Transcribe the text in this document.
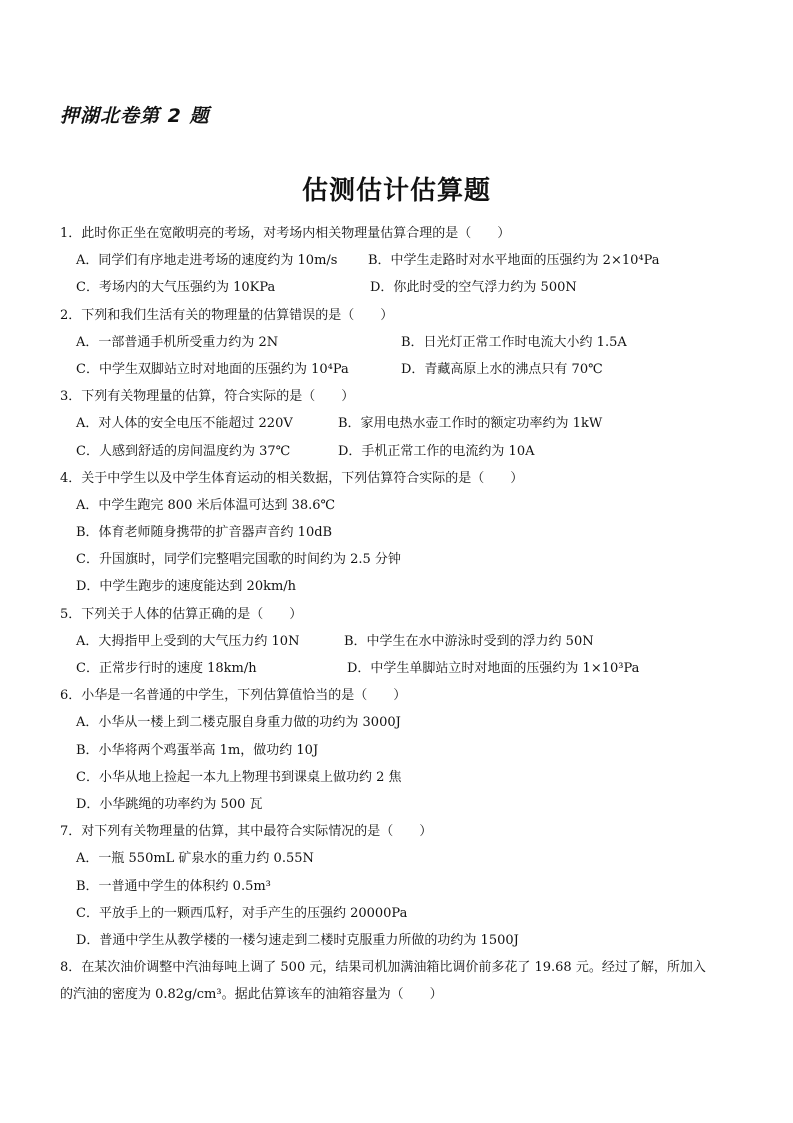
押湖北卷第 2 题
估测估计估算题
1．此时你正坐在宽敞明亮的考场，对考场内相关物理量估算合理的是（　　）
A．同学们有序地走进考场的速度约为 10m/s B．中学生走路时对水平地面的压强约为 2×10⁴Pa
C．考场内的大气压强约为 10KPa	D．你此时受的空气浮力约为 500N
2．下列和我们生活有关的物理量的估算错误的是（　　）
A．一部普通手机所受重力约为 2N	B．日光灯正常工作时电流大小约 1.5A
C．中学生双脚站立时对地面的压强约为 10⁴Pa	D．青藏高原上水的沸点只有 70℃
3．下列有关物理量的估算，符合实际的是（　　）
A．对人体的安全电压不能超过 220V	B．家用电热水壶工作时的额定功率约为 1kW
C．人感到舒适的房间温度约为 37℃	D．手机正常工作的电流约为 10A
4．关于中学生以及中学生体育运动的相关数据，下列估算符合实际的是（　　）
A．中学生跑完 800 米后体温可达到 38.6℃
B．体育老师随身携带的扩音器声音约 10dB
C．升国旗时，同学们完整唱完国歌的时间约为 2.5 分钟
D．中学生跑步的速度能达到 20km/h
5．下列关于人体的估算正确的是（　　）
A．大拇指甲上受到的大气压力约 10N	B．中学生在水中游泳时受到的浮力约 50N
C．正常步行时的速度 18km/h	D．中学生单脚站立时对地面的压强约为 1×10³Pa
6．小华是一名普通的中学生，下列估算值恰当的是（　　）
A．小华从一楼上到二楼克服自身重力做的功约为 3000J
B．小华将两个鸡蛋举高 1m，做功约 10J
C．小华从地上捡起一本九上物理书到课桌上做功约 2 焦
D．小华跳绳的功率约为 500 瓦
7．对下列有关物理量的估算，其中最符合实际情况的是（　　）
A．一瓶 550mL 矿泉水的重力约 0.55N
B．一普通中学生的体积约 0.5m³
C．平放手上的一颗西瓜籽，对手产生的压强约 20000Pa
D．普通中学生从教学楼的一楼匀速走到二楼时克服重力所做的功约为 1500J
8．在某次油价调整中汽油每吨上调了 500 元，结果司机加满油箱比调价前多花了 19.68 元。经过了解，所加入
的汽油的密度为 0.82g/cm³。据此估算该车的油箱容量为（　　）
